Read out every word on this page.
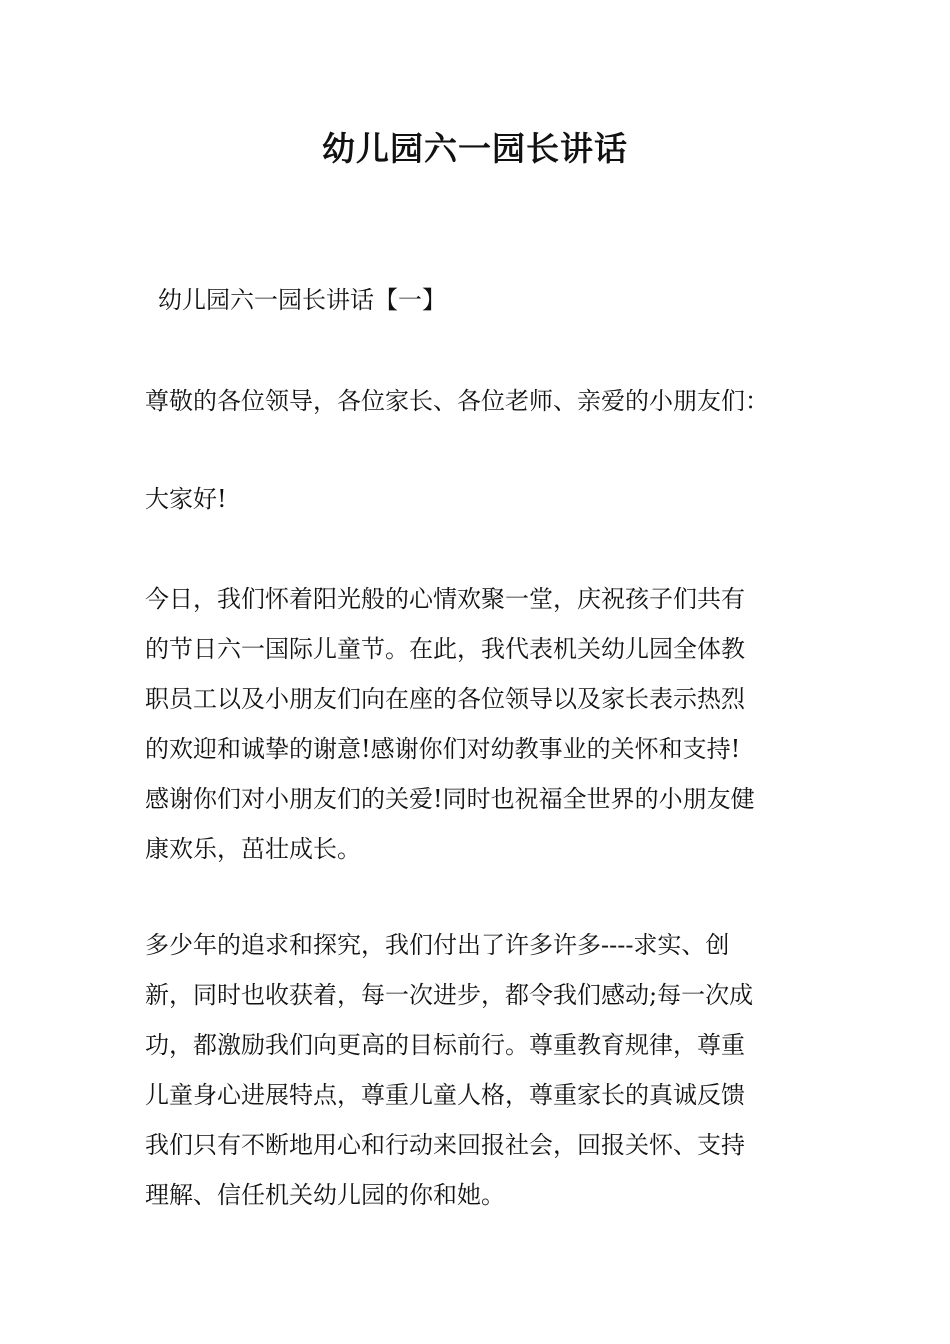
幼儿园六一园长讲话

幼儿园六一园长讲话【一】

尊敬的各位领导，各位家长、各位老师、亲爱的小朋友们：

大家好!

今日，我们怀着阳光般的心情欢聚一堂，庆祝孩子们共有

的节日六一国际儿童节。在此，我代表机关幼儿园全体教

职员工以及小朋友们向在座的各位领导以及家长表示热烈

的欢迎和诚挚的谢意!感谢你们对幼教事业的关怀和支持!

感谢你们对小朋友们的关爱!同时也祝福全世界的小朋友健

康欢乐，茁壮成长。

多少年的追求和探究，我们付出了许多许多----求实、创

新，同时也收获着，每一次进步，都令我们感动;每一次成

功，都激励我们向更高的目标前行。尊重教育规律，尊重

儿童身心进展特点，尊重儿童人格，尊重家长的真诚反馈

我们只有不断地用心和行动来回报社会，回报关怀、支持

理解、信任机关幼儿园的你和她。
